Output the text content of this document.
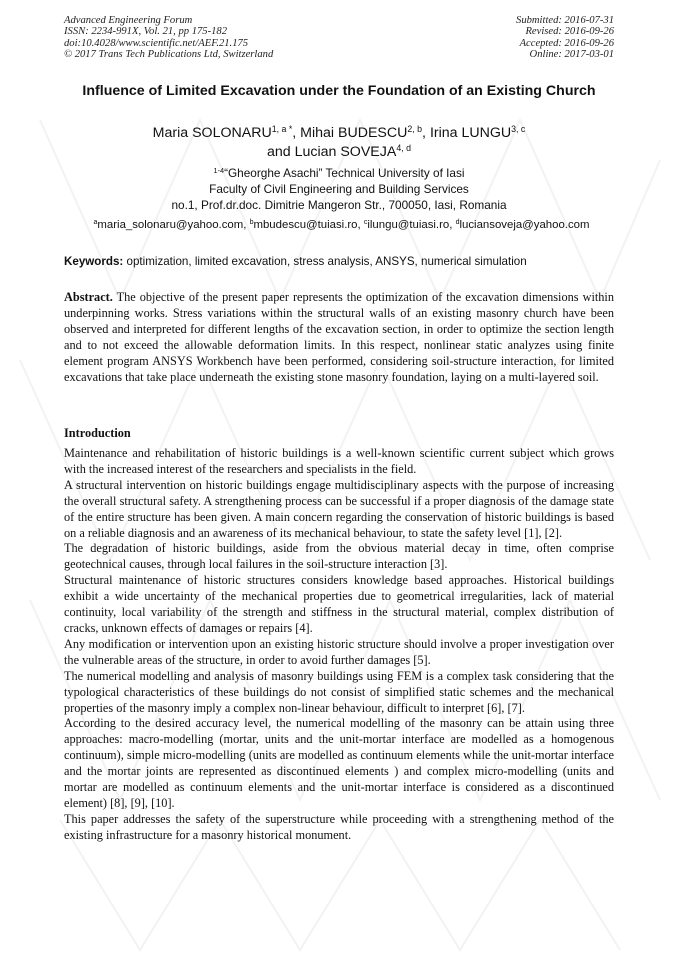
Advanced Engineering Forum
ISSN: 2234-991X, Vol. 21, pp 175-182
doi:10.4028/www.scientific.net/AEF.21.175
© 2017 Trans Tech Publications Ltd, Switzerland
Submitted: 2016-07-31
Revised: 2016-09-26
Accepted: 2016-09-26
Online: 2017-03-01
Influence of Limited Excavation under the Foundation of an Existing Church
Maria $SOLONARU^{1, a *}$, Mihai BUDESCU$^{2, b}$, Irina LUNGU$^{3, c}$
and Lucian SOVEJA$^{4, d}$
$^{1-4}$“Gheorghe Asachi” Technical University of Iasi
Faculty of Civil Engineering and Building Services
no.1, Prof.dr.doc. Dimitrie Mangeron Str., 700050, Iasi, Romania
$^a$maria_solonaru@yahoo.com, $^b$mbudescu@tuiasi.ro, $^c$ilungu@tuiasi.ro, $^d$luciansoveja@yahoo.com
Keywords: optimization, limited excavation, stress analysis, ANSYS, numerical simulation
Abstract. The objective of the present paper represents the optimization of the excavation dimensions within underpinning works. Stress variations within the structural walls of an existing masonry church have been observed and interpreted for different lengths of the excavation section, in order to optimize the section length and to not exceed the allowable deformation limits. In this respect, nonlinear static analyzes using finite element program ANSYS Workbench have been performed, considering soil-structure interaction, for limited excavations that take place underneath the existing stone masonry foundation, laying on a multi-layered soil.
Introduction

Maintenance and rehabilitation of historic buildings is a well-known scientific current subject which grows with the increased interest of the researchers and specialists in the field.

A structural intervention on historic buildings engage multidisciplinary aspects with the purpose of increasing the overall structural safety. A strengthening process can be successful if a proper diagnosis of the damage state of the entire structure has been given. A main concern regarding the conservation of historic buildings is based on a reliable diagnosis and an awareness of its mechanical behaviour, to state the safety level [1], [2].

The degradation of historic buildings, aside from the obvious material decay in time, often comprise geotechnical causes, through local failures in the soil-structure interaction [3].

Structural maintenance of historic structures considers knowledge based approaches. Historical buildings exhibit a wide uncertainty of the mechanical properties due to geometrical irregularities, lack of material continuity, local variability of the strength and stiffness in the structural material, complex distribution of cracks, unknown effects of damages or repairs [4].

Any modification or intervention upon an existing historic structure should involve a proper investigation over the vulnerable areas of the structure, in order to avoid further damages [5].

The numerical modelling and analysis of masonry buildings using FEM is a complex task considering that the typological characteristics of these buildings do not consist of simplified static schemes and the mechanical properties of the masonry imply a complex non-linear behaviour, difficult to interpret [6], [7].

According to the desired accuracy level, the numerical modelling of the masonry can be attain using three approaches: macro-modelling (mortar, units and the unit-mortar interface are modelled as a homogenous continuum), simple micro-modelling (units are modelled as continuum elements while the unit-mortar interface and the mortar joints are represented as discontinued elements ) and complex micro-modelling (units and mortar are modelled as continuum elements and the unit-mortar interface is considered as a discontinued element) [8], [9], [10].

This paper addresses the safety of the superstructure while proceeding with a strengthening method of the existing infrastructure for a masonry historical monument.
